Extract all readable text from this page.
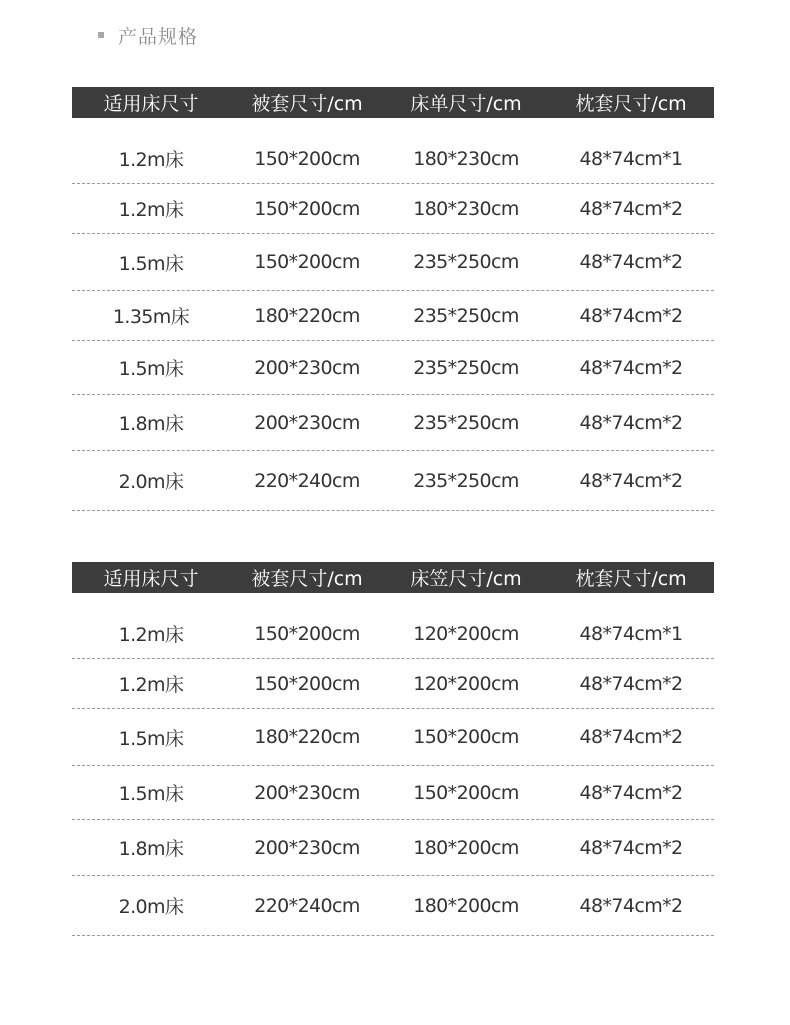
产品规格
适用床尺寸	被套尺寸/cm	床单尺寸/cm	枕套尺寸/cm
1.2m床	150*200cm	180*230cm	48*74cm*1
1.2m床	150*200cm	180*230cm	48*74cm*2
1.5m床	150*200cm	235*250cm	48*74cm*2
1.35m床	180*220cm	235*250cm	48*74cm*2
1.5m床	200*230cm	235*250cm	48*74cm*2
1.8m床	200*230cm	235*250cm	48*74cm*2
2.0m床	220*240cm	235*250cm	48*74cm*2
适用床尺寸	被套尺寸/cm	床笠尺寸/cm	枕套尺寸/cm
1.2m床	150*200cm	120*200cm	48*74cm*1
1.2m床	150*200cm	120*200cm	48*74cm*2
1.5m床	180*220cm	150*200cm	48*74cm*2
1.5m床	200*230cm	150*200cm	48*74cm*2
1.8m床	200*230cm	180*200cm	48*74cm*2
2.0m床	220*240cm	180*200cm	48*74cm*2
